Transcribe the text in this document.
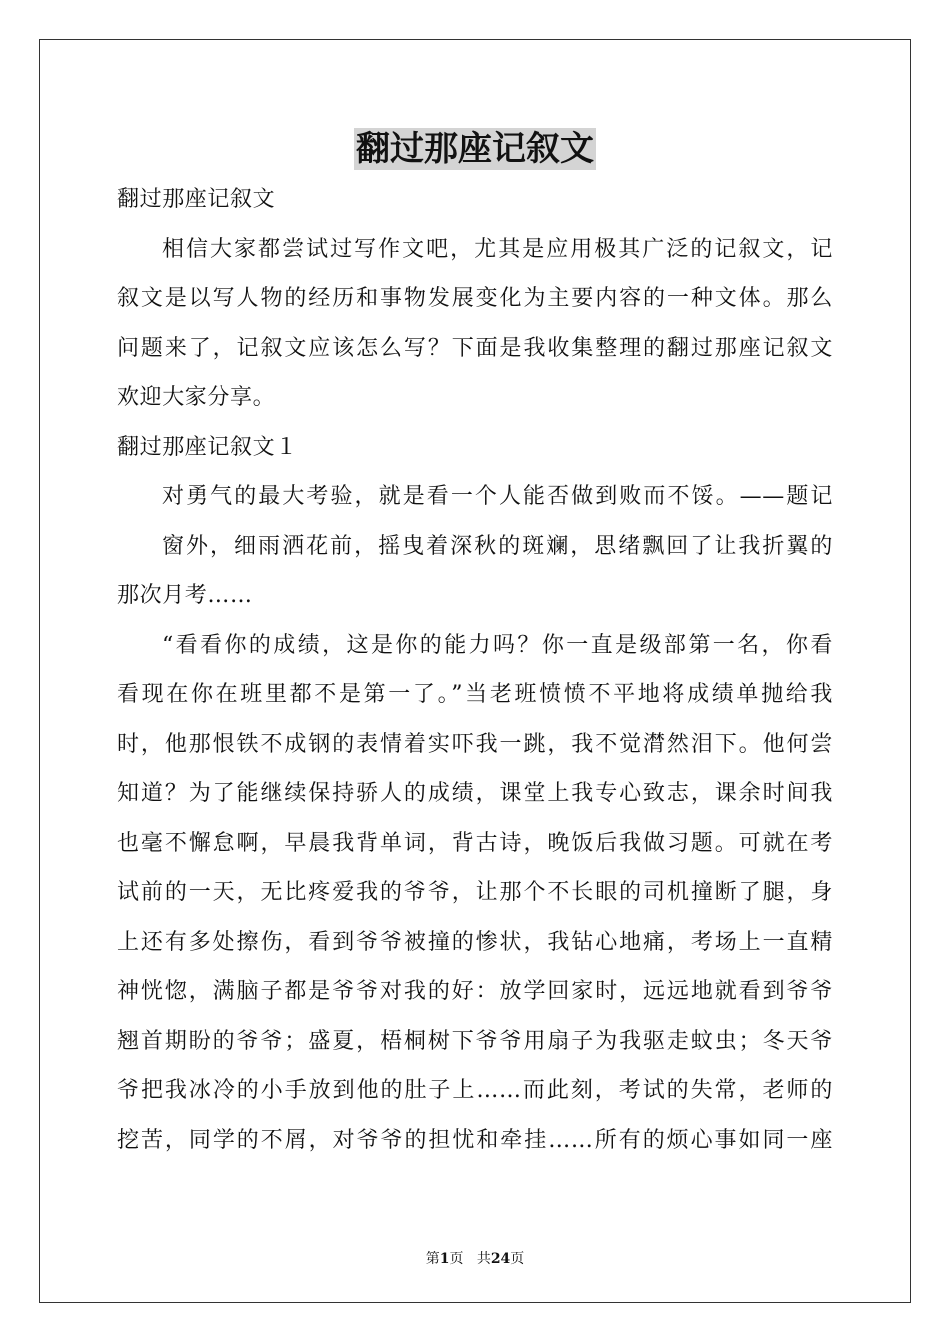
翻过那座记叙文
翻过那座记叙文
相信大家都尝试过写作文吧，尤其是应用极其广泛的记叙文，记
叙文是以写人物的经历和事物发展变化为主要内容的一种文体。那么
问题来了，记叙文应该怎么写？下面是我收集整理的翻过那座记叙文
欢迎大家分享。
翻过那座记叙文１
对勇气的最大考验，就是看一个人能否做到败而不馁。——题记
窗外，细雨洒花前，摇曳着深秋的斑斓，思绪飘回了让我折翼的
那次月考……
“看看你的成绩，这是你的能力吗？你一直是级部第一名，你看
看现在你在班里都不是第一了。”当老班愤愤不平地将成绩单抛给我
时，他那恨铁不成钢的表情着实吓我一跳，我不觉潸然泪下。他何尝
知道？为了能继续保持骄人的成绩，课堂上我专心致志，课余时间我
也毫不懈怠啊，早晨我背单词，背古诗，晚饭后我做习题。可就在考
试前的一天，无比疼爱我的爷爷，让那个不长眼的司机撞断了腿，身
上还有多处擦伤，看到爷爷被撞的惨状，我钻心地痛，考场上一直精
神恍惚，满脑子都是爷爷对我的好：放学回家时，远远地就看到爷爷
翘首期盼的爷爷；盛夏，梧桐树下爷爷用扇子为我驱走蚊虫；冬天爷
爷把我冰冷的小手放到他的肚子上……而此刻，考试的失常，老师的
挖苦，同学的不屑，对爷爷的担忧和牵挂……所有的烦心事如同一座
第1页 共24页
